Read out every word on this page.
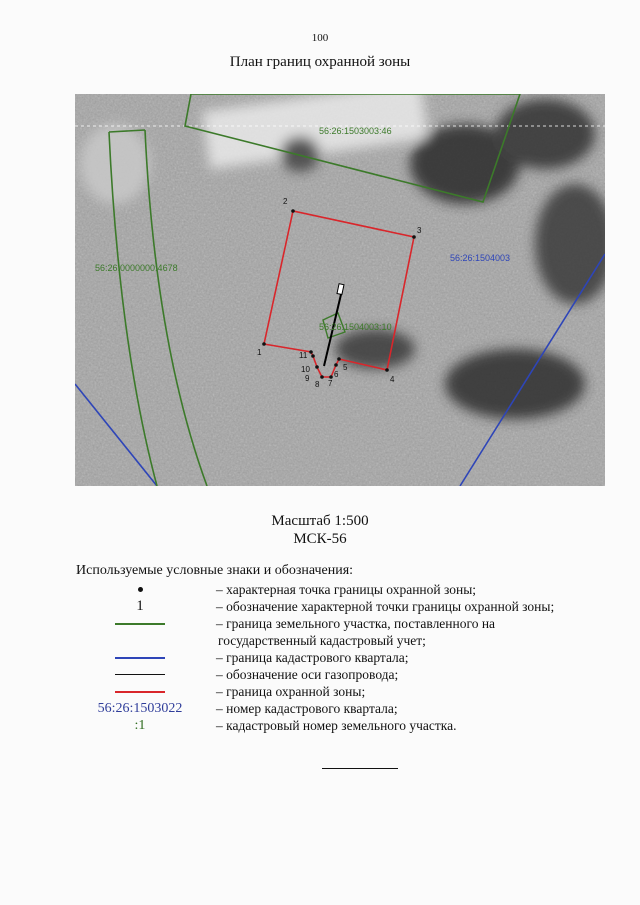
100
План границ охранной зоны
1
2
3
4
5
6
7
8
9
10
11
56:26:1503003:46
56:26:0000000:4678
56:26:1504003
56:26:1504003:10
Масштаб 1:500
МСК-56
Используемые условные знаки и обозначения:
– характерная точка границы охранной зоны;
1	– обозначение характерной точки границы охранной зоны;
– граница земельного участка, поставленного на
государственный кадастровый учет;
– граница кадастрового квартала;
– обозначение оси газопровода;
– граница охранной зоны;
56:26:1503022	– номер кадастрового квартала;
:1	– кадастровый номер земельного участка.
